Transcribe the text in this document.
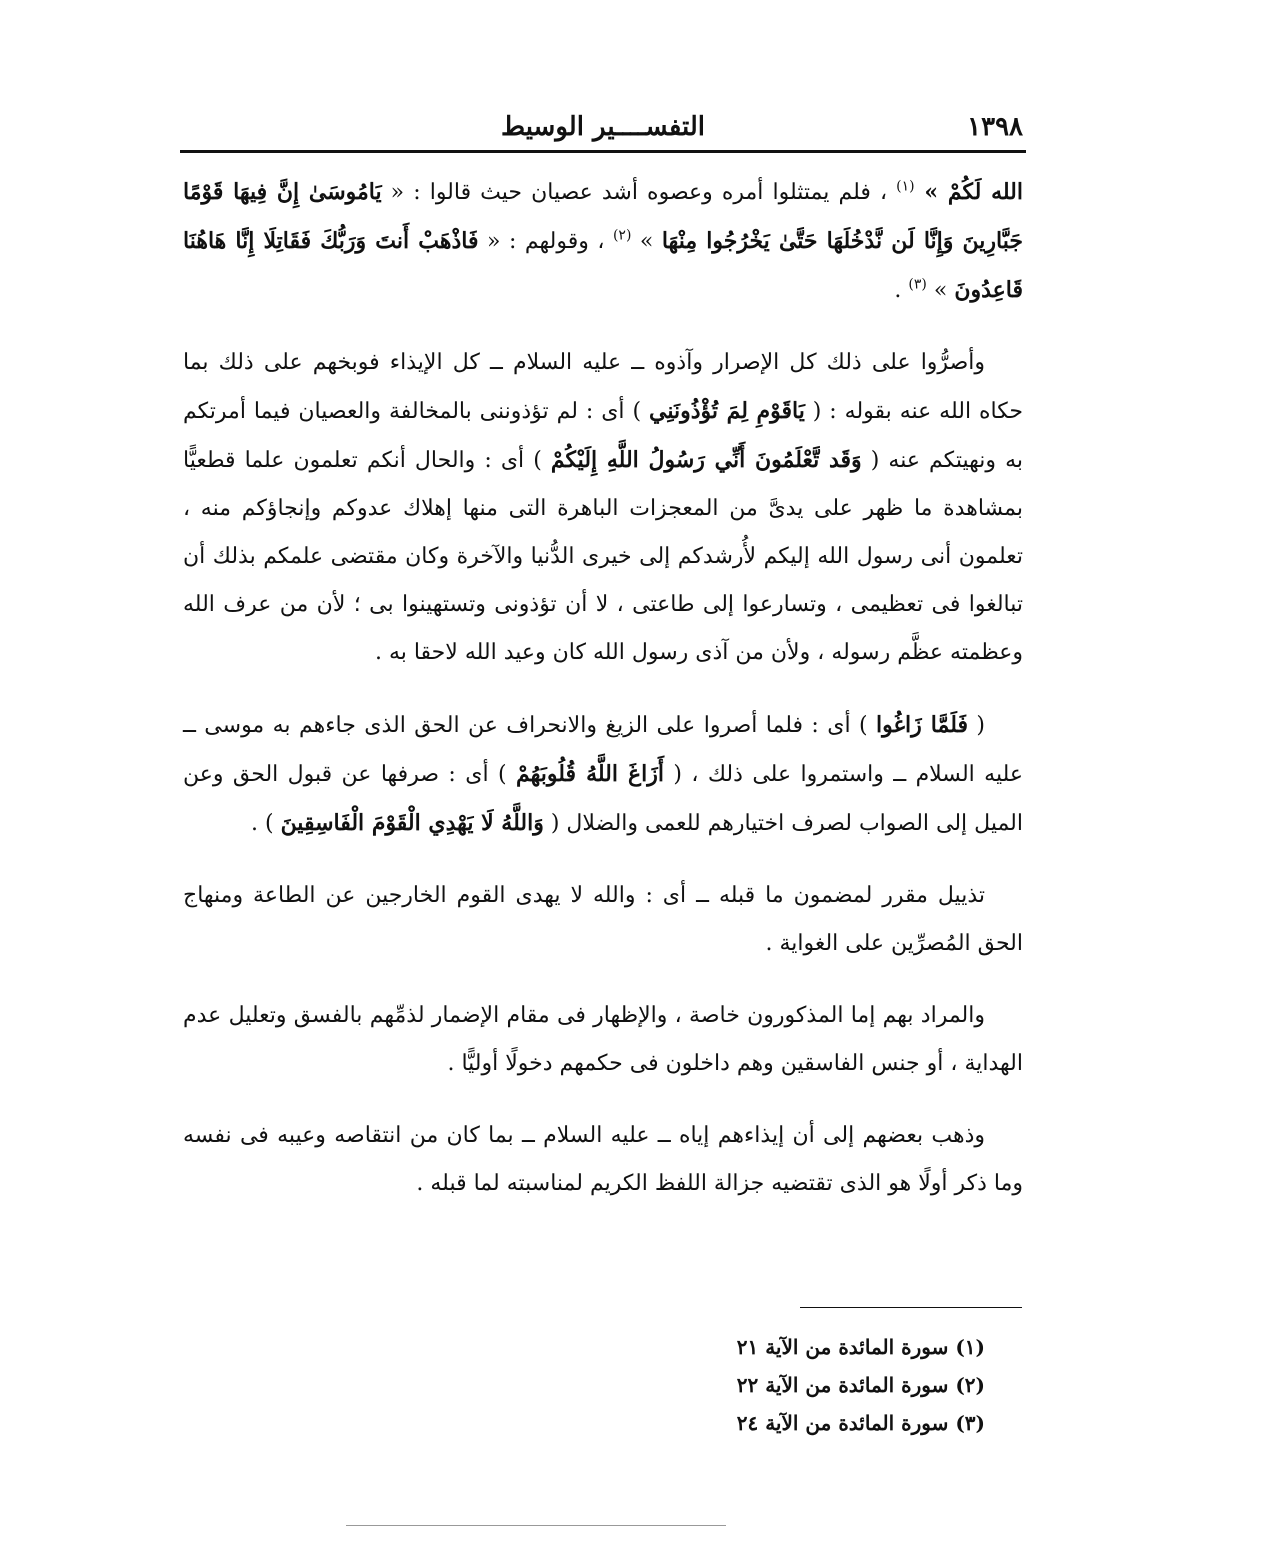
١٣٩٨
التفســــير الوسيط

الله لَكُمْ » $^{(١)}$ ، فلم يمتثلوا أمره وعصوه أشد عصيان حيث قالوا : « يَامُوسَىٰ إِنَّ فِيهَا قَوْمًا جَبَّارِينَ وَإِنَّا لَن نَّدْخُلَهَا حَتَّىٰ يَخْرُجُوا مِنْهَا » $^{(٢)}$ ، وقولهم : « فَاذْهَبْ أَنتَ وَرَبُّكَ فَقَاتِلَا إِنَّا هَاهُنَا قَاعِدُونَ » $^{(٣)}$ .

وأصرُّوا على ذلك كل الإصرار وآذوه ــ عليه السلام ــ كل الإيذاء فوبخهم على ذلك بما حكاه الله عنه بقوله : ( يَاقَوْمِ لِمَ تُؤْذُونَنِي ) أى : لم تؤذوننى بالمخالفة والعصيان فيما أمرتكم به ونهيتكم عنه ( وَقَد تَّعْلَمُونَ أَنِّي رَسُولُ اللَّهِ إِلَيْكُمْ ) أى : والحال أنكم تعلمون علما قطعيًّا بمشاهدة ما ظهر على يدىَّ من المعجزات الباهرة التى منها إهلاك عدوكم وإنجاؤكم منه ، تعلمون أنى رسول الله إليكم لأُرشدكم إلى خيرى الدُّنيا والآخرة وكان مقتضى علمكم بذلك أن تبالغوا فى تعظيمى ، وتسارعوا إلى طاعتى ، لا أن تؤذونى وتستهينوا بى ؛ لأن من عرف الله وعظمته عظَّم رسوله ، ولأن من آذى رسول الله كان وعيد الله لاحقا به .

( فَلَمَّا زَاغُوا ) أى : فلما أصروا على الزيغ والانحراف عن الحق الذى جاءهم به موسى ــ عليه السلام ــ واستمروا على ذلك ، ( أَزَاغَ اللَّهُ قُلُوبَهُمْ ) أى : صرفها عن قبول الحق وعن الميل إلى الصواب لصرف اختيارهم للعمى والضلال ( وَاللَّهُ لَا يَهْدِي الْقَوْمَ الْفَاسِقِينَ ) .

تذييل مقرر لمضمون ما قبله ــ أى : والله لا يهدى القوم الخارجين عن الطاعة ومنهاج الحق المُصرِّين على الغواية .

والمراد بهم إما المذكورون خاصة ، والإظهار فى مقام الإضمار لذمِّهم بالفسق وتعليل عدم الهداية ، أو جنس الفاسقين وهم داخلون فى حكمهم دخولًا أوليًّا .

وذهب بعضهم إلى أن إيذاءهم إياه ــ عليه السلام ــ بما كان من انتقاصه وعيبه فى نفسه وما ذكر أولًا هو الذى تقتضيه جزالة اللفظ الكريم لمناسبته لما قبله .

(١) سورة المائدة من الآية ٢١
(٢) سورة المائدة من الآية ٢٢
(٣) سورة المائدة من الآية ٢٤
